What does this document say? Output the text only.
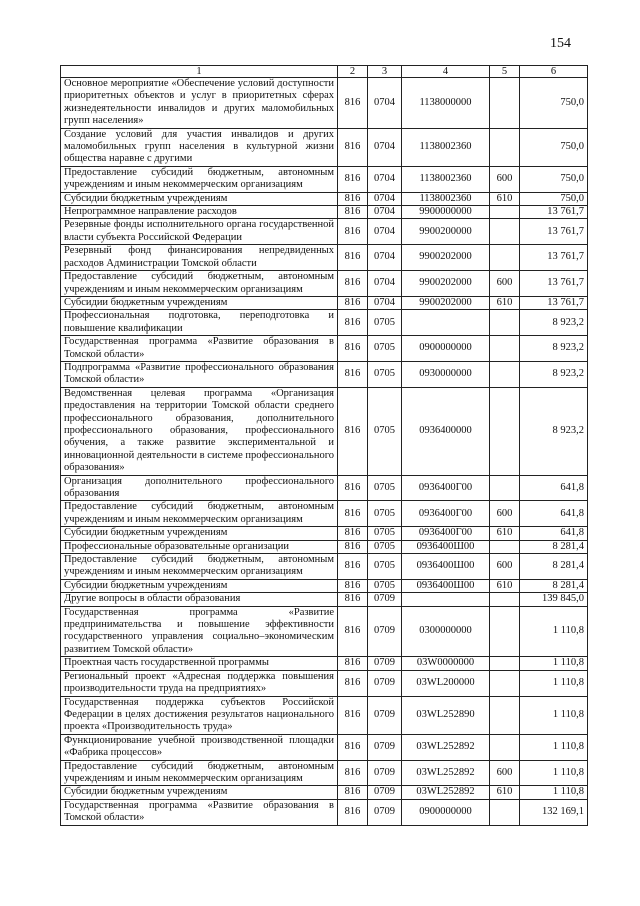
154
1	2	3	4	5	6
Основное мероприятие «Обеспечение условий доступности приоритетных объектов и услуг в приоритетных сферах жизнедеятельности инвалидов и других маломобильных групп населения»	816	0704	1138000000		750,0
Создание условий для участия инвалидов и других маломобильных групп населения в культурной жизни общества наравне с другими	816	0704	1138002360		750,0
Предоставление субсидий бюджетным, автономным учреждениям и иным некоммерческим организациям	816	0704	1138002360	600	750,0
Субсидии бюджетным учреждениям	816	0704	1138002360	610	750,0
Непрограммное направление расходов	816	0704	9900000000		13 761,7
Резервные фонды исполнительного органа государственной власти субъекта Российской Федерации	816	0704	9900200000		13 761,7
Резервный фонд финансирования непредвиденных расходов Администрации Томской области	816	0704	9900202000		13 761,7
Предоставление субсидий бюджетным, автономным учреждениям и иным некоммерческим организациям	816	0704	9900202000	600	13 761,7
Субсидии бюджетным учреждениям	816	0704	9900202000	610	13 761,7
Профессиональная подготовка, переподготовка и повышение квалификации	816	0705			8 923,2
Государственная программа «Развитие образования в Томской области»	816	0705	0900000000		8 923,2
Подпрограмма «Развитие профессионального образования Томской области»	816	0705	0930000000		8 923,2
Ведомственная целевая программа «Организация предоставления на территории Томской области среднего профессионального образования, дополнительного профессионального образования, профессионального обучения, а также развитие экспериментальной и инновационной деятельности в системе профессионального образования»	816	0705	0936400000		8 923,2
Организация дополнительного профессионального образования	816	0705	0936400Г00		641,8
Предоставление субсидий бюджетным, автономным учреждениям и иным некоммерческим организациям	816	0705	0936400Г00	600	641,8
Субсидии бюджетным учреждениям	816	0705	0936400Г00	610	641,8
Профессиональные образовательные организации	816	0705	0936400Ш00		8 281,4
Предоставление субсидий бюджетным, автономным учреждениям и иным некоммерческим организациям	816	0705	0936400Ш00	600	8 281,4
Субсидии бюджетным учреждениям	816	0705	0936400Ш00	610	8 281,4
Другие вопросы в области образования	816	0709			139 845,0
Государственная программа «Развитие предпринимательства и повышение эффективности государственного управления социально–экономическим развитием Томской области»	816	0709	0300000000		1 110,8
Проектная часть государственной программы	816	0709	03W0000000		1 110,8
Региональный проект «Адресная поддержка повышения производительности труда на предприятиях»	816	0709	03WL200000		1 110,8
Государственная поддержка субъектов Российской Федерации в целях достижения результатов национального проекта «Производительность труда»	816	0709	03WL252890		1 110,8
Функционирование учебной производственной площадки «Фабрика процессов»	816	0709	03WL252892		1 110,8
Предоставление субсидий бюджетным, автономным учреждениям и иным некоммерческим организациям	816	0709	03WL252892	600	1 110,8
Субсидии бюджетным учреждениям	816	0709	03WL252892	610	1 110,8
Государственная программа «Развитие образования в Томской области»	816	0709	0900000000		132 169,1
